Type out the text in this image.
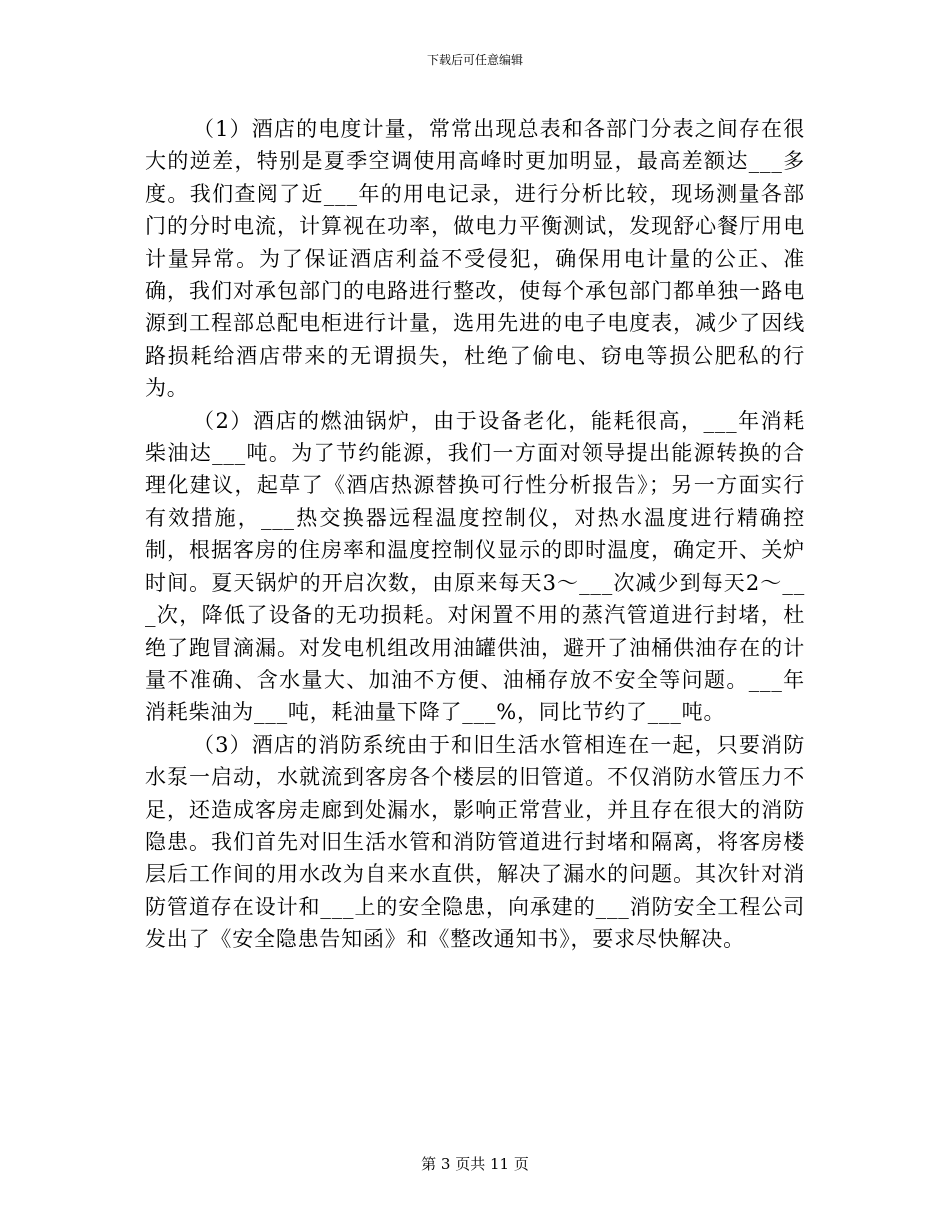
下载后可任意编辑

（1）酒店的电度计量，常常出现总表和各部门分表之间存在很大的逆差，特别是夏季空调使用高峰时更加明显，最高差额达___多度。我们查阅了近___年的用电记录，进行分析比较，现场测量各部门的分时电流，计算视在功率，做电力平衡测试，发现舒心餐厅用电计量异常。为了保证酒店利益不受侵犯，确保用电计量的公正、准确，我们对承包部门的电路进行整改，使每个承包部门都单独一路电源到工程部总配电柜进行计量，选用先进的电子电度表，减少了因线路损耗给酒店带来的无谓损失，杜绝了偷电、窃电等损公肥私的行为。

（2）酒店的燃油锅炉，由于设备老化，能耗很高，___年消耗柴油达___吨。为了节约能源，我们一方面对领导提出能源转换的合理化建议，起草了《酒店热源替换可行性分析报告》；另一方面实行有效措施，___热交换器远程温度控制仪，对热水温度进行精确控制，根据客房的住房率和温度控制仪显示的即时温度，确定开、关炉时间。夏天锅炉的开启次数，由原来每天3～___次减少到每天2～___次，降低了设备的无功损耗。对闲置不用的蒸汽管道进行封堵，杜绝了跑冒滴漏。对发电机组改用油罐供油，避开了油桶供油存在的计量不准确、含水量大、加油不方便、油桶存放不安全等问题。___年消耗柴油为___吨，耗油量下降了___%，同比节约了___吨。

（3）酒店的消防系统由于和旧生活水管相连在一起，只要消防水泵一启动，水就流到客房各个楼层的旧管道。不仅消防水管压力不足，还造成客房走廊到处漏水，影响正常营业，并且存在很大的消防隐患。我们首先对旧生活水管和消防管道进行封堵和隔离，将客房楼层后工作间的用水改为自来水直供，解决了漏水的问题。其次针对消防管道存在设计和___上的安全隐患，向承建的___消防安全工程公司发出了《安全隐患告知函》和《整改通知书》，要求尽快解决。

第 3 页共 11 页
